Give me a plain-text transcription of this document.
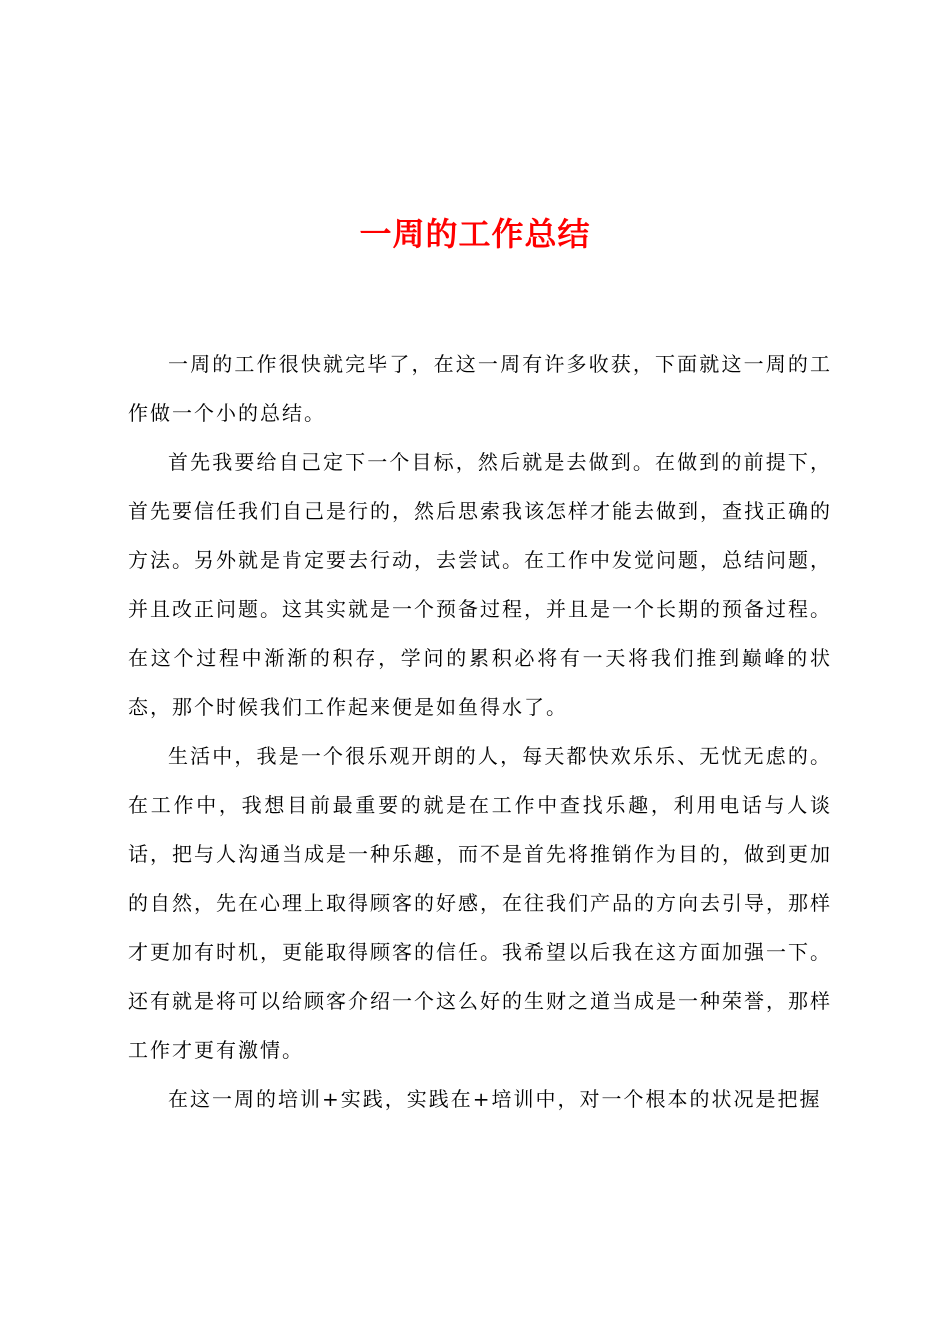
一周的工作总结

一周的工作很快就完毕了，在这一周有许多收获，下面就这一周的工作做一个小的总结。

首先我要给自己定下一个目标，然后就是去做到。在做到的前提下，首先要信任我们自己是行的，然后思索我该怎样才能去做到，查找正确的方法。另外就是肯定要去行动，去尝试。在工作中发觉问题，总结问题，并且改正问题。这其实就是一个预备过程，并且是一个长期的预备过程。在这个过程中渐渐的积存，学问的累积必将有一天将我们推到巅峰的状态，那个时候我们工作起来便是如鱼得水了。

生活中，我是一个很乐观开朗的人，每天都快欢乐乐、无忧无虑的。在工作中，我想目前最重要的就是在工作中查找乐趣，利用电话与人谈话，把与人沟通当成是一种乐趣，而不是首先将推销作为目的，做到更加的自然，先在心理上取得顾客的好感，在往我们产品的方向去引导，那样才更加有时机，更能取得顾客的信任。我希望以后我在这方面加强一下。还有就是将可以给顾客介绍一个这么好的生财之道当成是一种荣誉，那样工作才更有激情。

在这一周的培训+实践，实践在+培训中，对一个根本的状况是把握
